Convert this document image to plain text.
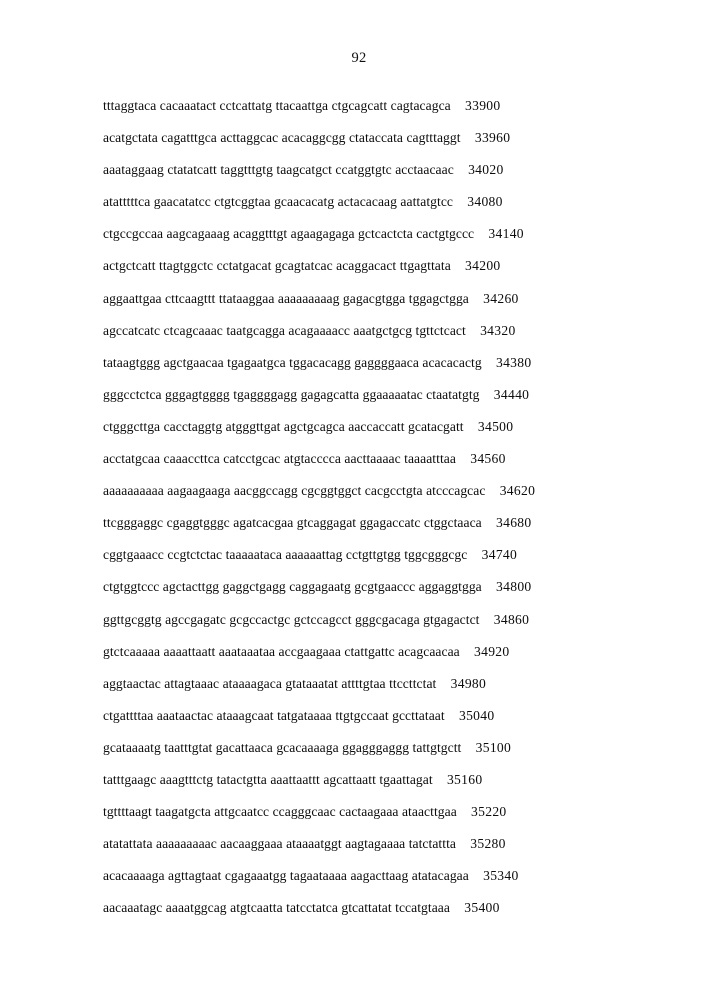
92
tttaggtaca cacaaatact cctcattatg ttacaattga ctgcagcatt cagtacagca 33900
acatgctata cagatttgca acttaggcac acacaggcgg ctataccata cagtttaggt 33960
aaataggaag ctatatcatt taggtttgtg taagcatgct ccatggtgtc acctaacaac 34020
atatttttca gaacatatcc ctgtcggtaa gcaacacatg actacacaag aattatgtcc 34080
ctgccgccaa aagcagaaag acaggtttgt agaagagaga gctcactcta cactgtgccc 34140
actgctcatt ttagtggctc cctatgacat gcagtatcac acaggacact ttgagttata 34200
aggaattgaa cttcaagttt ttataaggaa aaaaaaaaag gagacgtgga tggagctgga 34260
agccatcatc ctcagcaaac taatgcagga acagaaaacc aaatgctgcg tgttctcact 34320
tataagtggg agctgaacaa tgagaatgca tggacacagg gaggggaaca acacacactg 34380
gggcctctca gggagtgggg tgaggggagg gagagcatta ggaaaaatac ctaatatgtg 34440
ctgggcttga cacctaggtg atgggttgat agctgcagca aaccaccatt gcatacgatt 34500
acctatgcaa caaaccttca catcctgcac atgtacccca aacttaaaac taaaatttaa 34560
aaaaaaaaaa aagaagaaga aacggccagg cgcggtggct cacgcctgta atcccagcac 34620
ttcgggaggc cgaggtgggc agatcacgaa gtcaggagat ggagaccatc ctggctaaca 34680
cggtgaaacc ccgtctctac taaaaataca aaaaaattag cctgttgtgg tggcgggcgc 34740
ctgtggtccc agctacttgg gaggctgagg caggagaatg gcgtgaaccc aggaggtgga 34800
ggttgcggtg agccgagatc gcgccactgc gctccagcct gggcgacaga gtgagactct 34860
gtctcaaaaa aaaattaatt aaataaataa accgaagaaa ctattgattc acagcaacaa 34920
aggtaactac attagtaaac ataaaagaca gtataaatat attttgtaa ttccttctat 34980
ctgattttaa aaataactac ataaagcaat tatgataaaa ttgtgccaat gccttataat 35040
gcataaaatg taatttgtat gacattaaca gcacaaaaga ggagggaggg tattgtgctt 35100
tatttgaagc aaagtttctg tatactgtta aaattaattt agcattaatt tgaattagat 35160
tgttttaagt taagatgcta attgcaatcc ccagggcaac cactaagaaa ataacttgaa 35220
atatattata aaaaaaaaac aacaaggaaa ataaaatggt aagtagaaaa tatctattta 35280
acacaaaaga agttagtaat cgagaaatgg tagaataaaa aagacttaag atatacagaa 35340
aacaaatagc aaaatggcag atgtcaatta tatcctatca gtcattatat tccatgtaaa 35400
